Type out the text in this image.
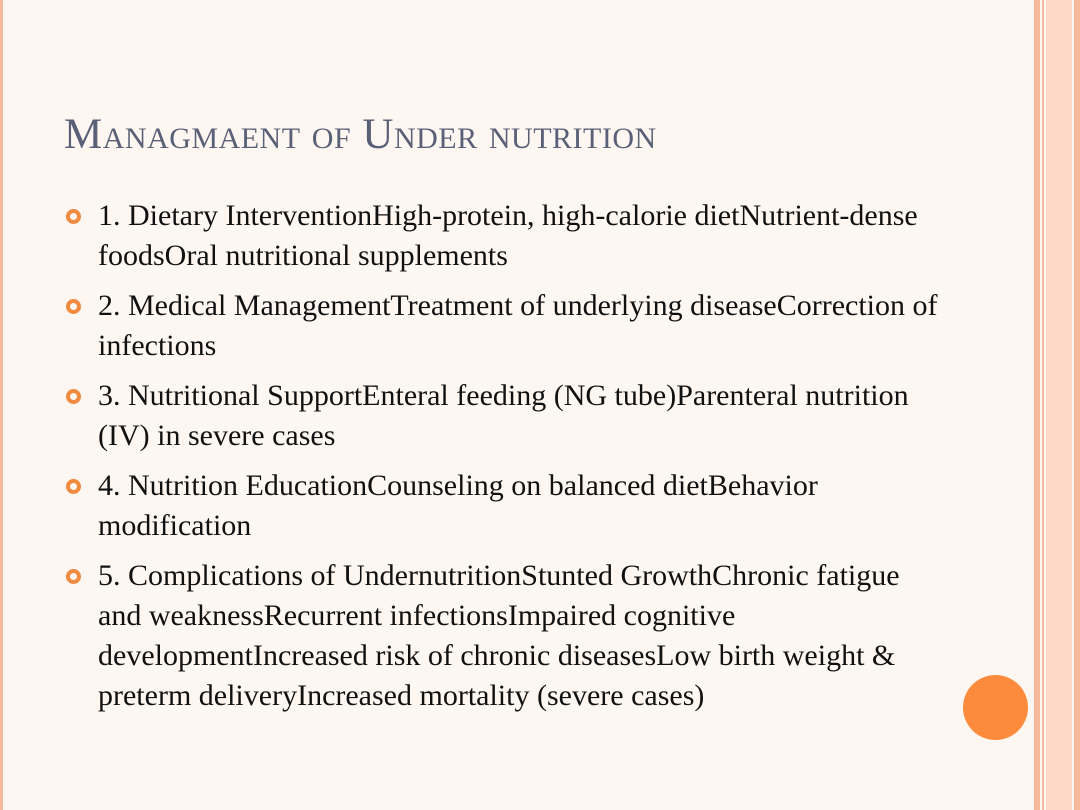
Managmaent of Under nutrition
1. Dietary InterventionHigh-protein, high-calorie dietNutrient-dense foodsOral nutritional supplements
2. Medical ManagementTreatment of underlying diseaseCorrection of infections
3. Nutritional SupportEnteral feeding (NG tube)Parenteral nutrition (IV) in severe cases
4. Nutrition EducationCounseling on balanced dietBehavior modification
5. Complications of UndernutritionStunted GrowthChronic fatigue and weaknessRecurrent infectionsImpaired cognitive developmentIncreased risk of chronic diseasesLow birth weight & preterm deliveryIncreased mortality (severe cases)
